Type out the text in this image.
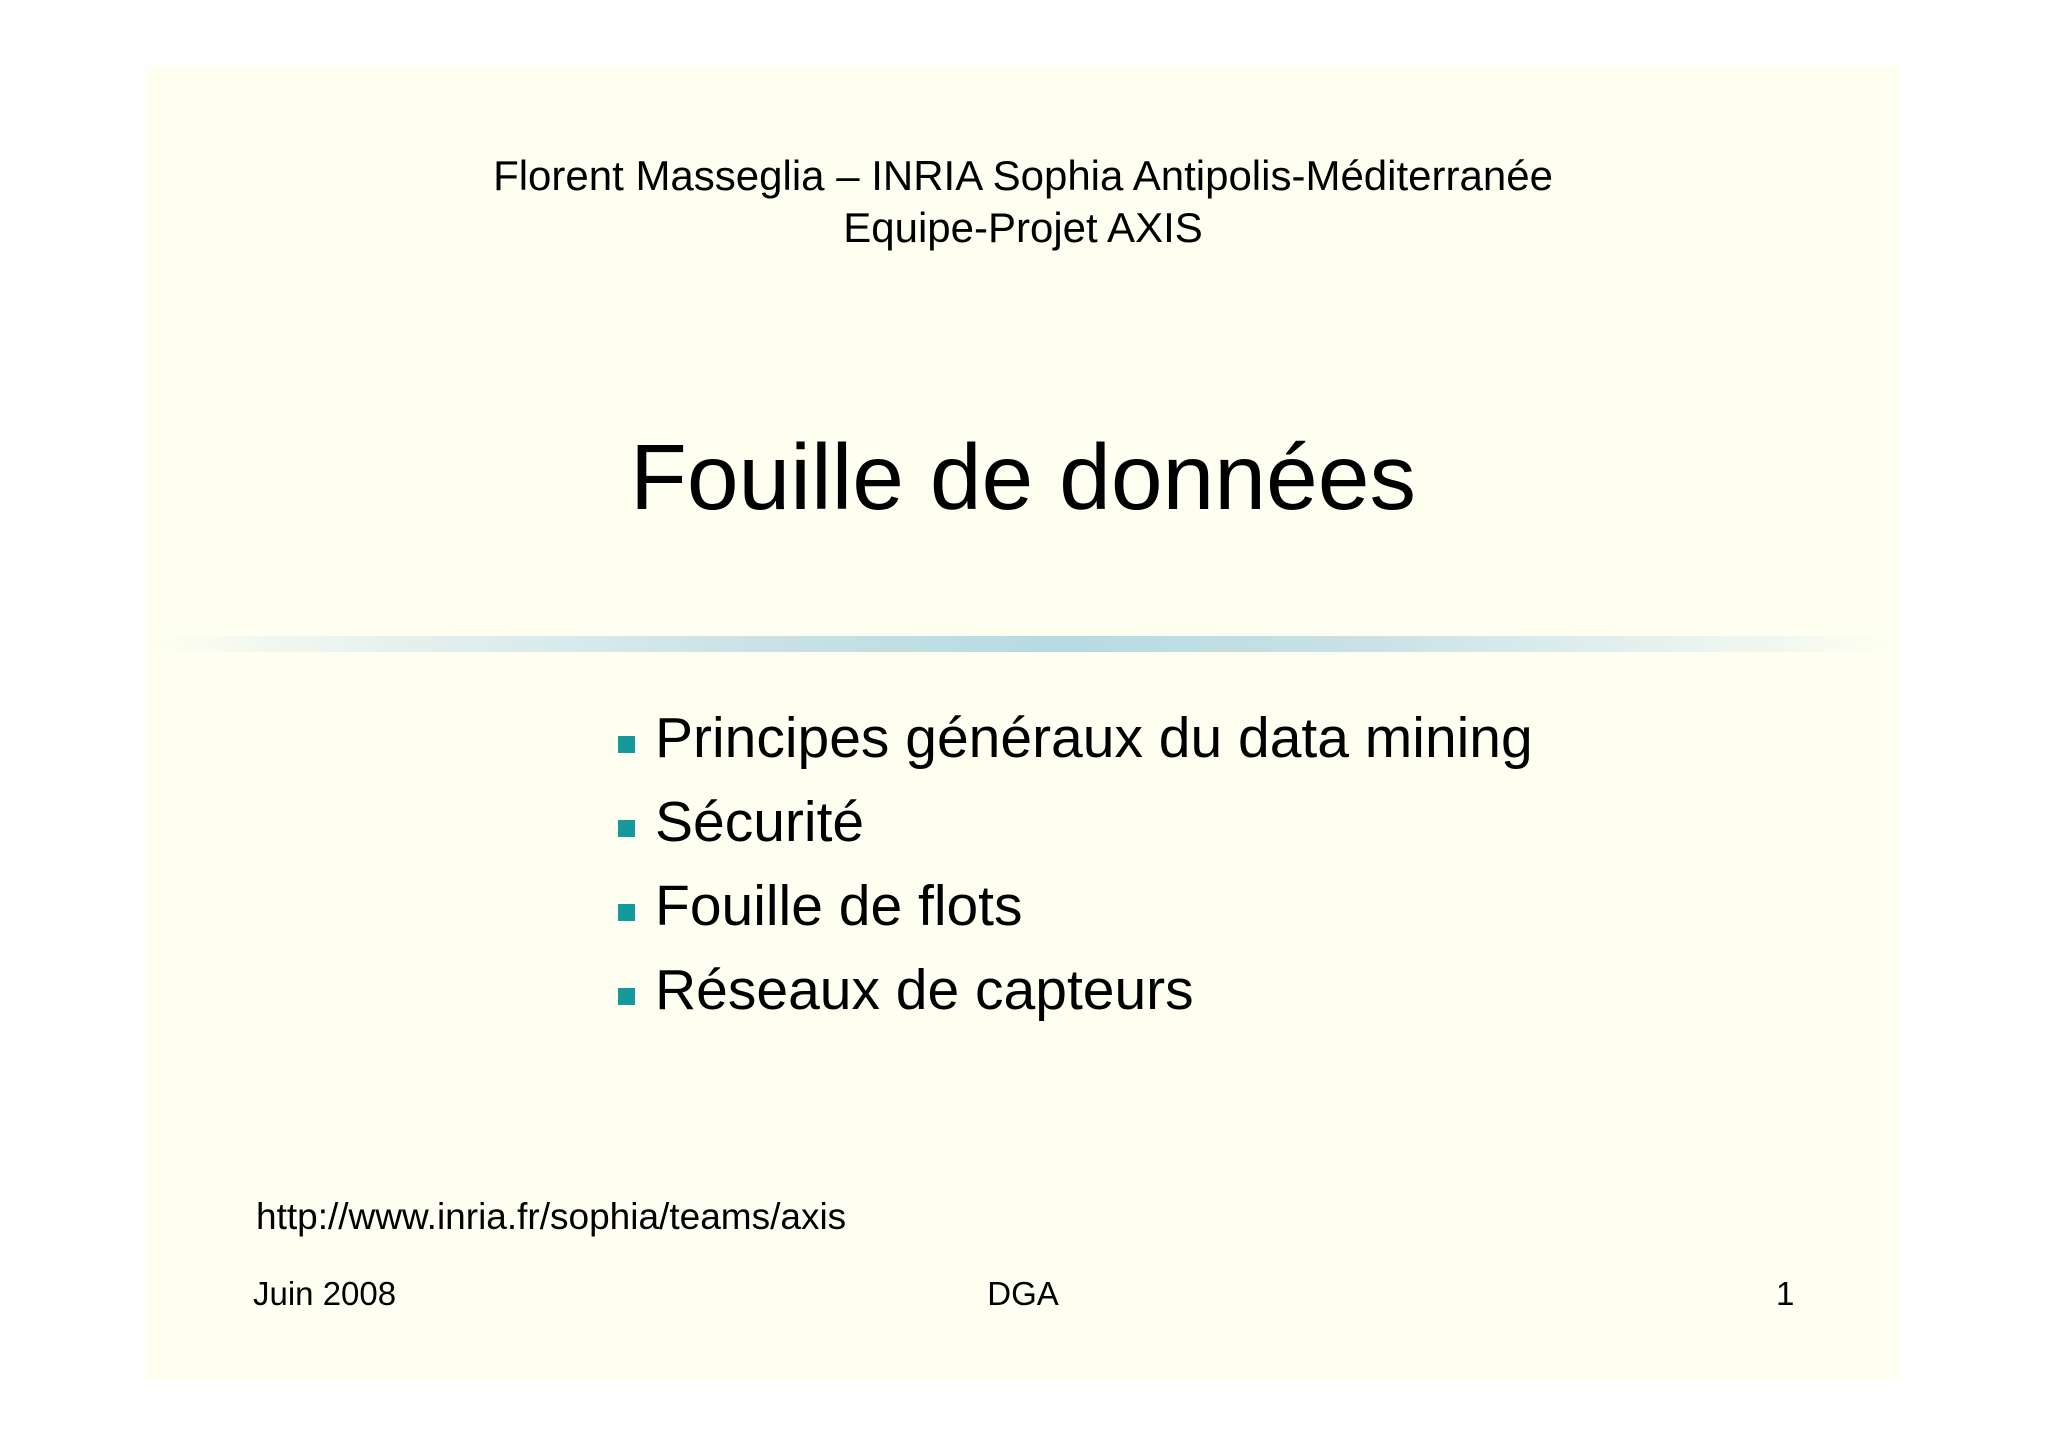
Florent Masseglia – INRIA Sophia Antipolis-Méditerranée
Equipe-Projet AXIS
Fouille de données
Principes généraux du data mining
Sécurité
Fouille de flots
Réseaux de capteurs
http://www.inria.fr/sophia/teams/axis
Juin 2008	DGA	1
